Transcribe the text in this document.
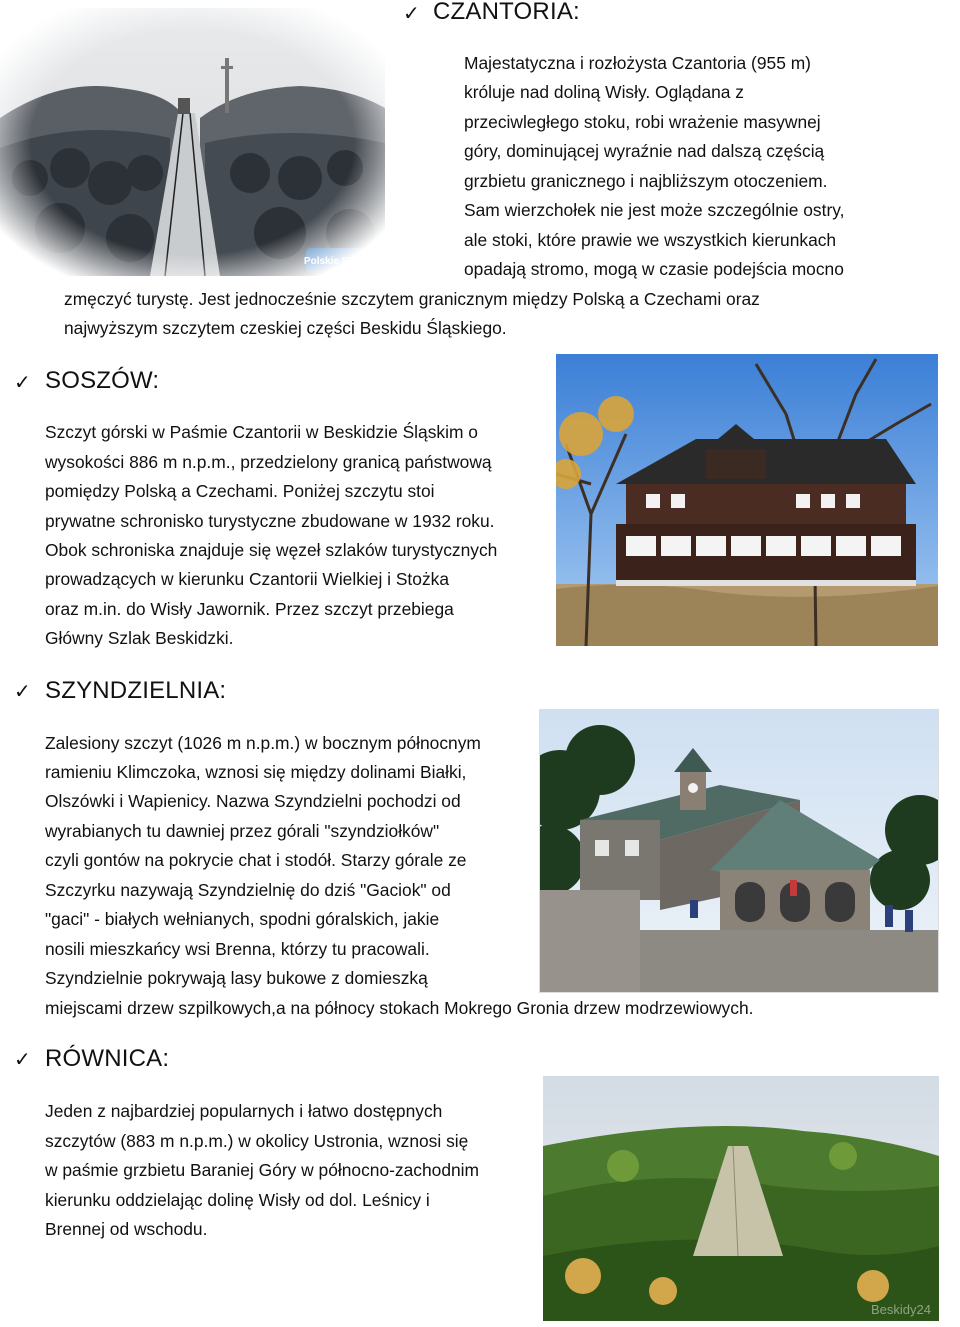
✓ CZANTORIA:
Majestatyczna i rozłożysta Czantoria (955 m)
króluje nad doliną Wisły. Oglądana z
przeciwległego stoku, robi wrażenie masywnej
góry, dominującej wyraźnie nad dalszą częścią
grzbietu granicznego i najbliższym otoczeniem.
Sam wierzchołek nie jest może szczególnie ostry,
ale stoki, które prawie we wszystkich kierunkach
opadają stromo, mogą w czasie podejścia mocno
zmęczyć turystę. Jest jednocześnie szczytem granicznym między Polską a Czechami oraz
najwyższym szczytem czeskiej części Beskidu Śląskiego.
✓ SOSZÓW:
Szczyt górski w Paśmie Czantorii w Beskidzie Śląskim o
wysokości 886 m n.p.m., przedzielony granicą państwową
pomiędzy Polską a Czechami. Poniżej szczytu stoi
prywatne schronisko turystyczne zbudowane w 1932 roku.
Obok schroniska znajduje się węzeł szlaków turystycznych
prowadzących w kierunku Czantorii Wielkiej i Stożka
oraz m.in. do Wisły Jawornik. Przez szczyt przebiega
Główny Szlak Beskidzki.
✓ SZYNDZIELNIA:
Zalesiony szczyt (1026 m n.p.m.) w bocznym północnym
ramieniu Klimczoka, wznosi się między dolinami Białki,
Olszówki i Wapienicy. Nazwa Szyndzielni pochodzi od
wyrabianych tu dawniej przez górali "szyndziołków"
czyli gontów na pokrycie chat i stodół. Starzy górale ze
Szczyrku nazywają Szyndzielnię do dziś "Gaciok" od
"gaci" - białych wełnianych, spodni góralskich, jakie
nosili mieszkańcy wsi Brenna, którzy tu pracowali.
Szyndzielnie pokrywają lasy bukowe z domieszką
miejscami drzew szpilkowych,a na północy stokach Mokrego Gronia drzew modrzewiowych.
✓ RÓWNICA:
Jeden z najbardziej popularnych i łatwo dostępnych
szczytów (883 m n.p.m.) w okolicy Ustronia, wznosi się
w paśmie grzbietu Baraniej Góry w północno-zachodnim
kierunku oddzielając dolinę Wisły od dol. Leśnicy i
Brennej od wschodu.
Beskidy24
